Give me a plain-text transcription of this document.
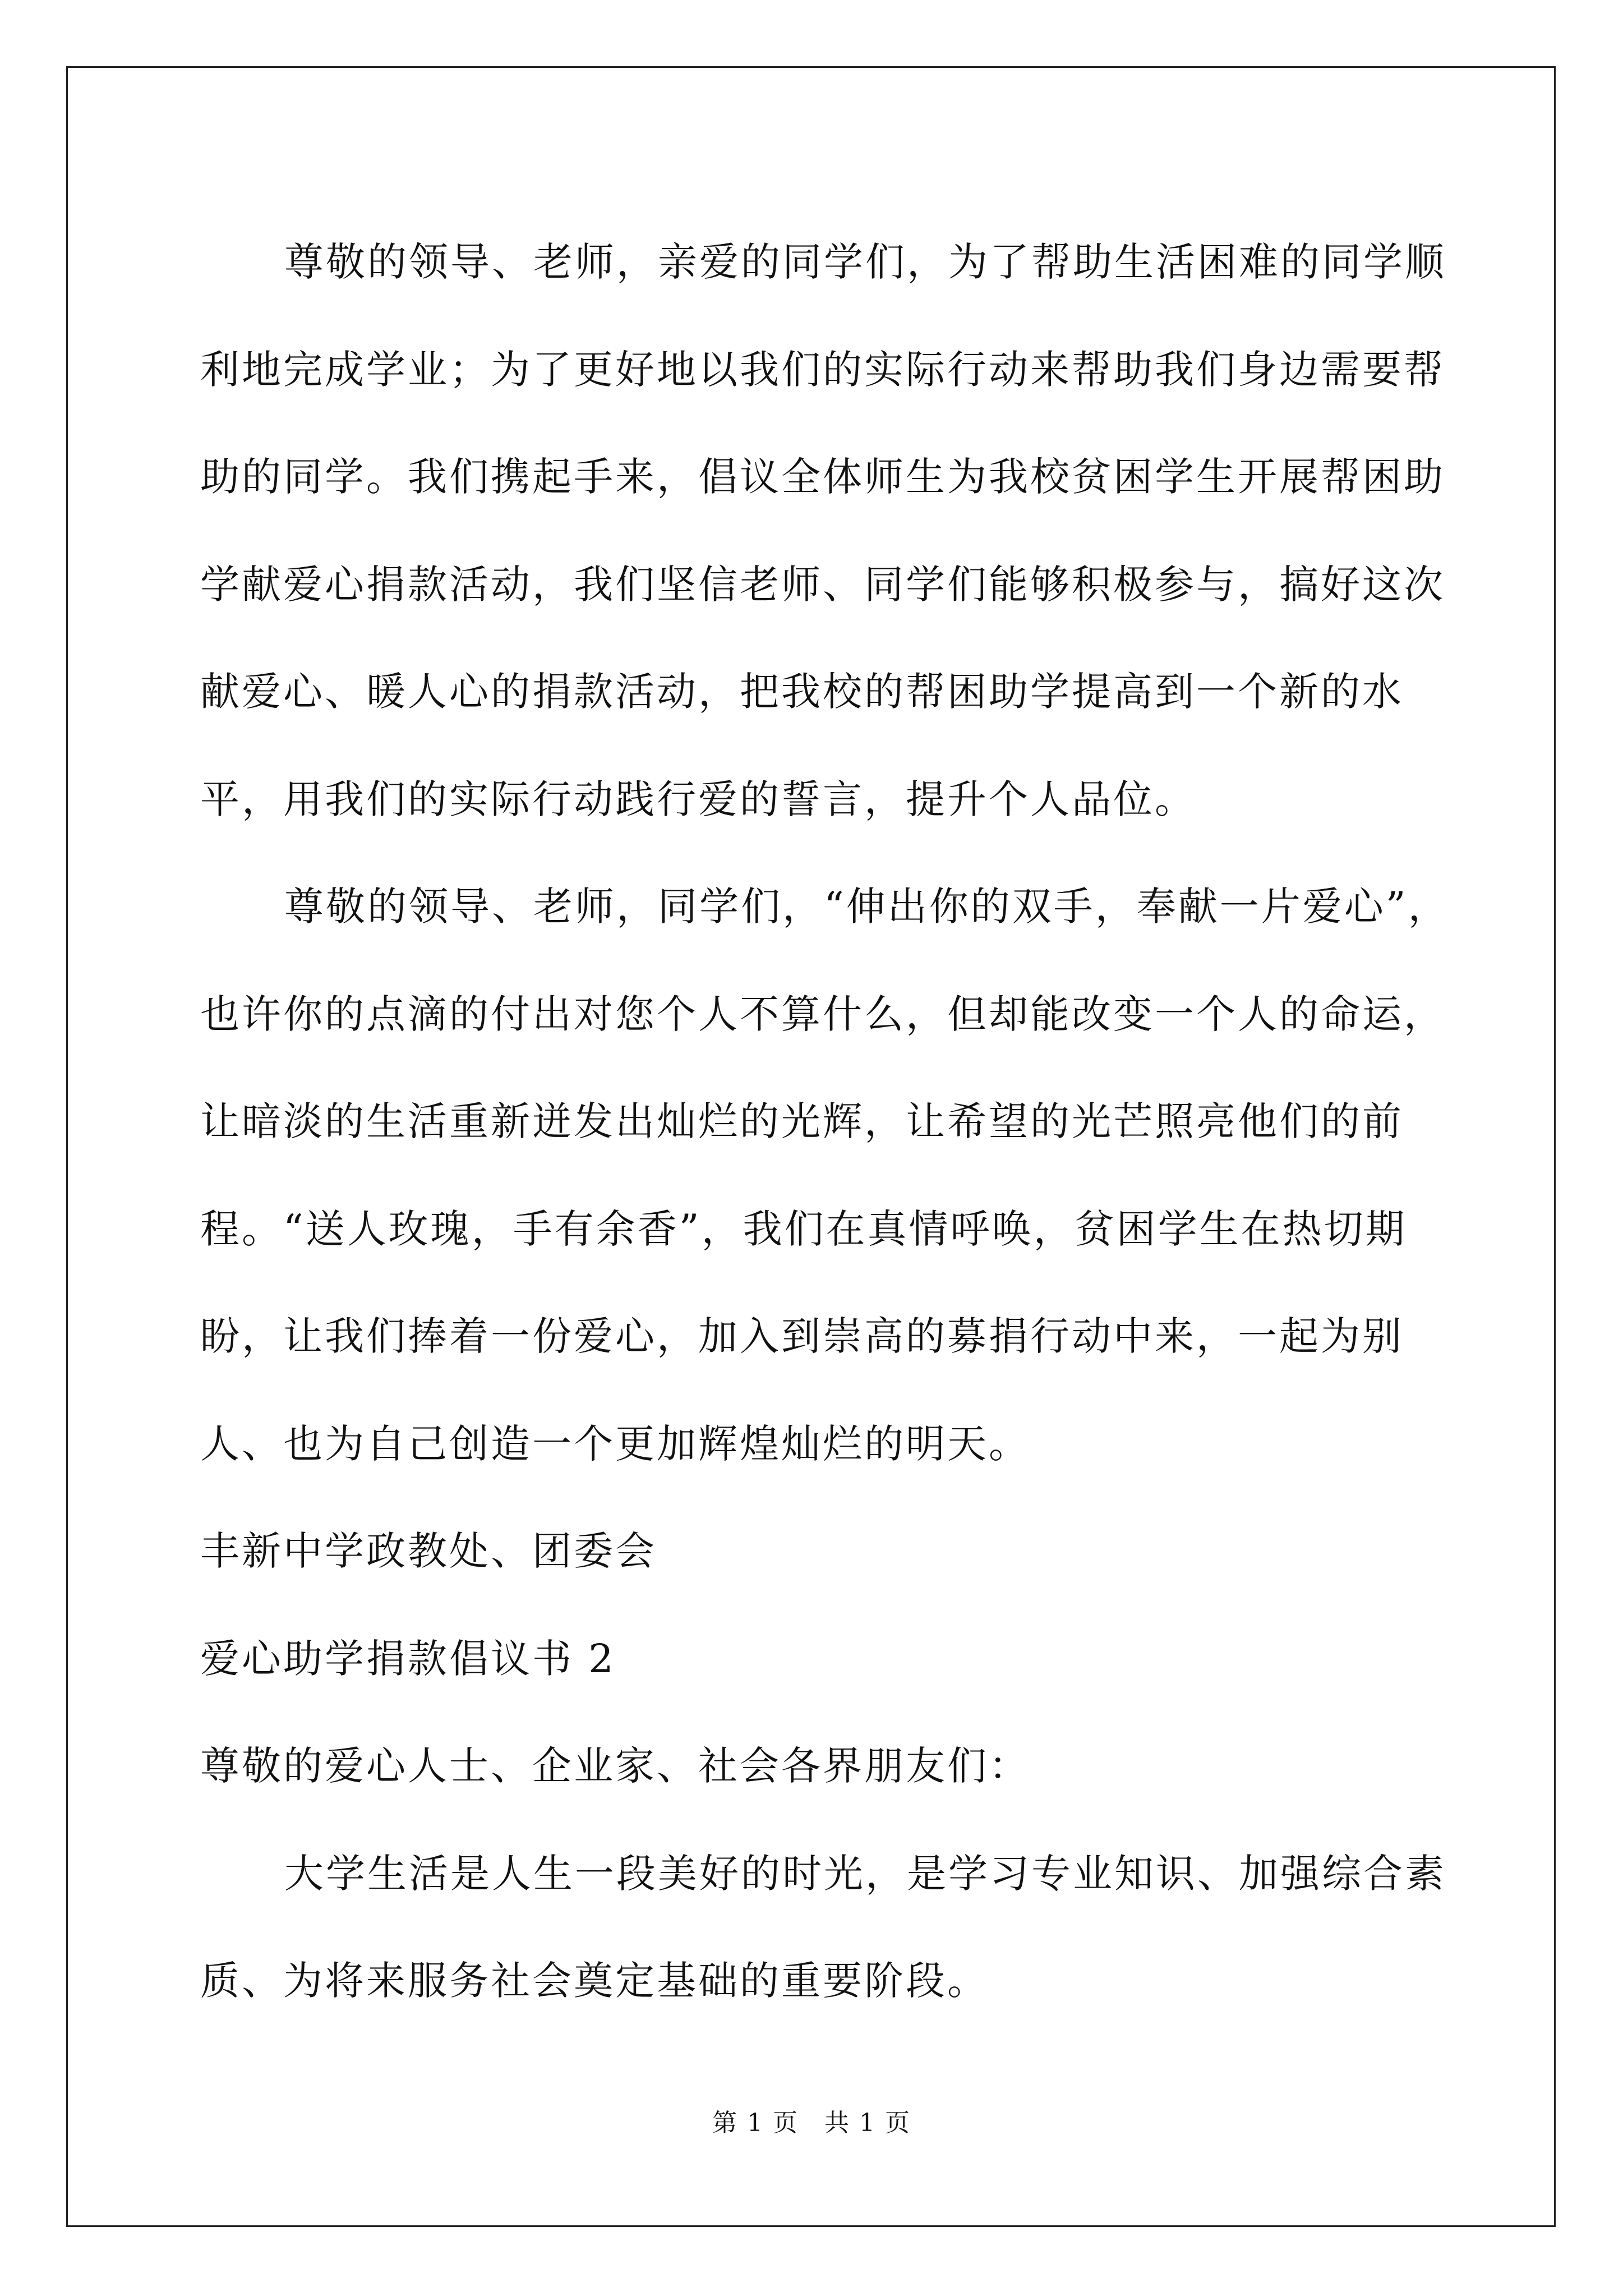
尊敬的领导、老师，亲爱的同学们，为了帮助生活困难的同学顺利地完成学业；为了更好地以我们的实际行动来帮助我们身边需要帮助的同学。我们携起手来，倡议全体师生为我校贫困学生开展帮困助学献爱心捐款活动，我们坚信老师、同学们能够积极参与，搞好这次献爱心、暖人心的捐款活动，把我校的帮困助学提高到一个新的水平，用我们的实际行动践行爱的誓言，提升个人品位。

尊敬的领导、老师，同学们，“伸出你的双手，奉献一片爱心”，也许你的点滴的付出对您个人不算什么，但却能改变一个人的命运，让暗淡的生活重新迸发出灿烂的光辉，让希望的光芒照亮他们的前程。“送人玫瑰，手有余香”，我们在真情呼唤，贫困学生在热切期盼，让我们捧着一份爱心，加入到崇高的募捐行动中来，一起为别人、也为自己创造一个更加辉煌灿烂的明天。

丰新中学政教处、团委会

爱心助学捐款倡议书 2

尊敬的爱心人士、企业家、社会各界朋友们：

大学生活是人生一段美好的时光，是学习专业知识、加强综合素质、为将来服务社会奠定基础的重要阶段。

第 1 页　共 1 页
